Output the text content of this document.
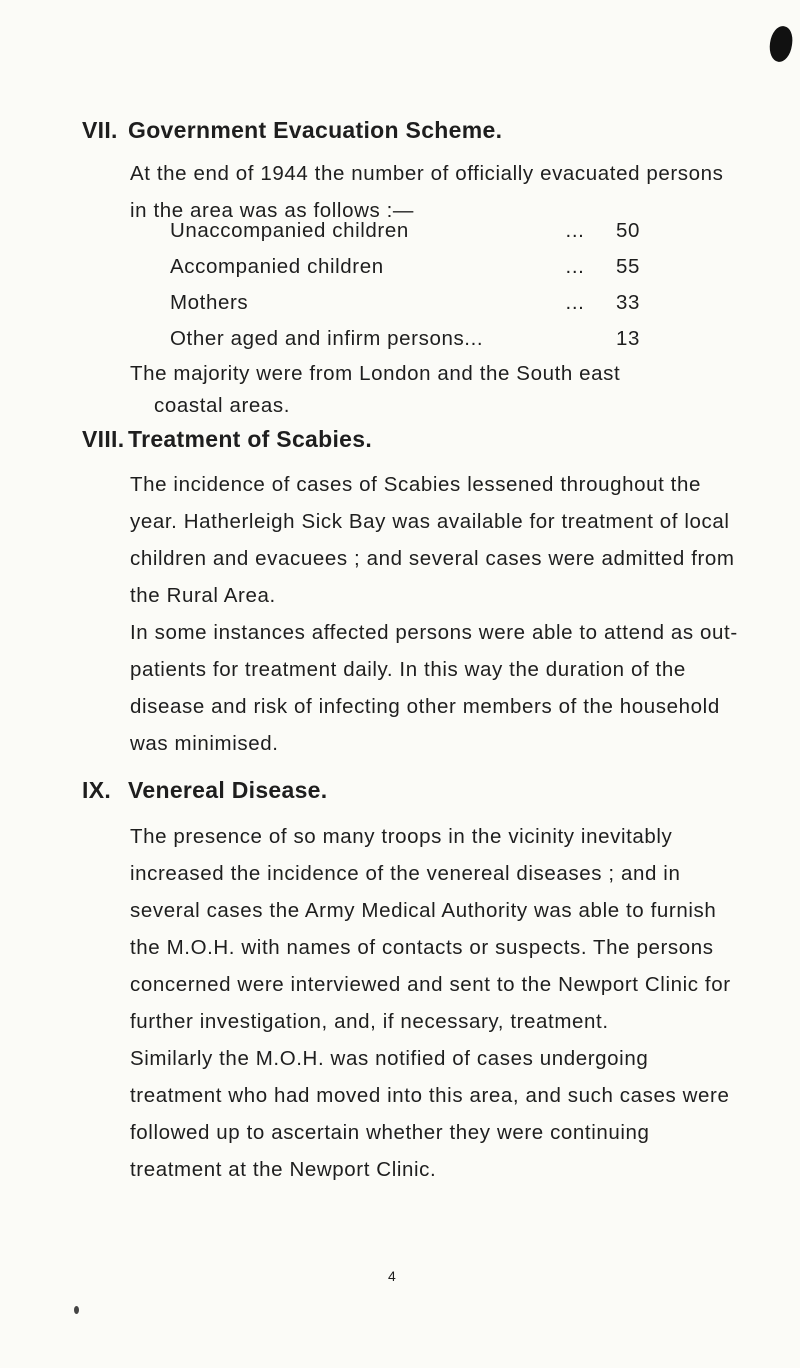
VII. Government Evacuation Scheme.

At the end of 1944 the number of officially evacuated persons in the area was as follows :—

Unaccompanied children	...	50
Accompanied children	...	55
Mothers	...	33
Other aged and infirm persons...	13
The majority were from London and the South east
coastal areas.
VIII. Treatment of Scabies.

The incidence of cases of Scabies lessened throughout the year. Hatherleigh Sick Bay was available for treatment of local children and evacuees ; and several cases were admitted from the Rural Area.

In some instances affected persons were able to attend as out-patients for treatment daily. In this way the duration of the disease and risk of infecting other members of the household was minimised.

IX. Venereal Disease.

The presence of so many troops in the vicinity inevitably increased the incidence of the venereal diseases ; and in several cases the Army Medical Authority was able to furnish the M.O.H. with names of contacts or suspects. The persons concerned were interviewed and sent to the Newport Clinic for further investigation, and, if necessary, treatment.

Similarly the M.O.H. was notified of cases undergoing treatment who had moved into this area, and such cases were followed up to ascertain whether they were continuing treatment at the Newport Clinic.

4
